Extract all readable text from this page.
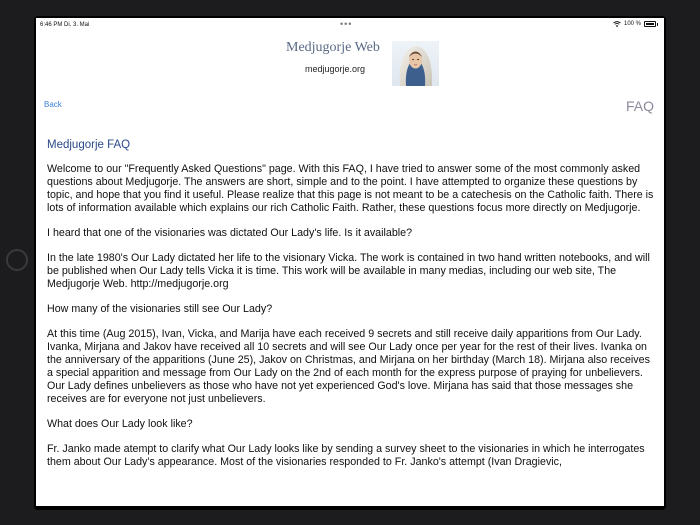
6:46 PM Di. 3. Mai	•••	100 %
Medjugorje Web
medjugorje.org
Back	FAQ
Medjugorje FAQ

Welcome to our "Frequently Asked Questions" page. With this FAQ, I have tried to answer some of the most commonly asked questions about Medjugorje. The answers are short, simple and to the point. I have attempted to organize these questions by topic, and hope that you find it useful. Please realize that this page is not meant to be a catechesis on the Catholic faith. There is lots of information available which explains our rich Catholic Faith. Rather, these questions focus more directly on Medjugorje.

I heard that one of the visionaries was dictated Our Lady's life. Is it available?

In the late 1980's Our Lady dictated her life to the visionary Vicka. The work is contained in two hand written notebooks, and will be published when Our Lady tells Vicka it is time. This work will be available in many medias, including our web site, The Medjugorje Web. http://medjugorje.org

How many of the visionaries still see Our Lady?

At this time (Aug 2015), Ivan, Vicka, and Marija have each received 9 secrets and still receive daily apparitions from Our Lady. Ivanka, Mirjana and Jakov have received all 10 secrets and will see Our Lady once per year for the rest of their lives. Ivanka on the anniversary of the apparitions (June 25), Jakov on Christmas, and Mirjana on her birthday (March 18). Mirjana also receives a special apparition and message from Our Lady on the 2nd of each month for the express purpose of praying for unbelievers. Our Lady defines unbelievers as those who have not yet experienced God's love. Mirjana has said that those messages she receives are for everyone not just unbelievers.

What does Our Lady look like?

Fr. Janko made atempt to clarify what Our Lady looks like by sending a survey sheet to the visionaries in which he interrogates them about Our Lady's appearance. Most of the visionaries responded to Fr. Janko's attempt (Ivan Dragievic,
